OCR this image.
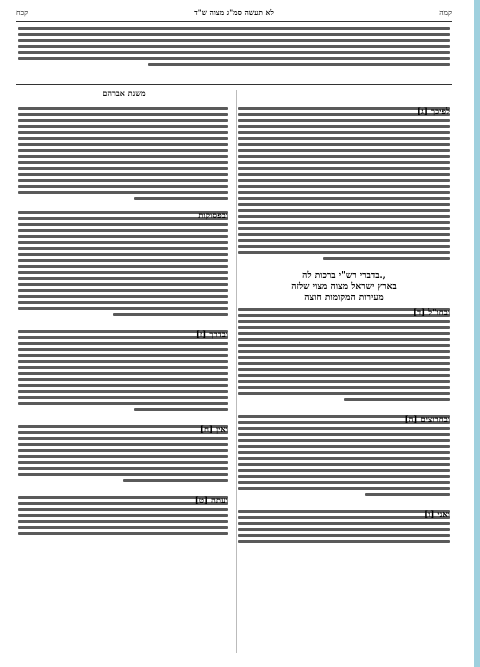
קכח	לא תעשה סמ"ג מצוה ש"ד	קמה
משנת אברהם
[ג] לפיכך
בדברי רש"י ברכות לה.,
בארץ ישראל מצוה מצוי שלזה
מעירות המקומות חוצה
[ד] ובחו"ל
[ה] ובחרוצים
[ו] ואני
ובפסוקות
[ז] ובדרך
[ח] ואין
[ט] ועתה
